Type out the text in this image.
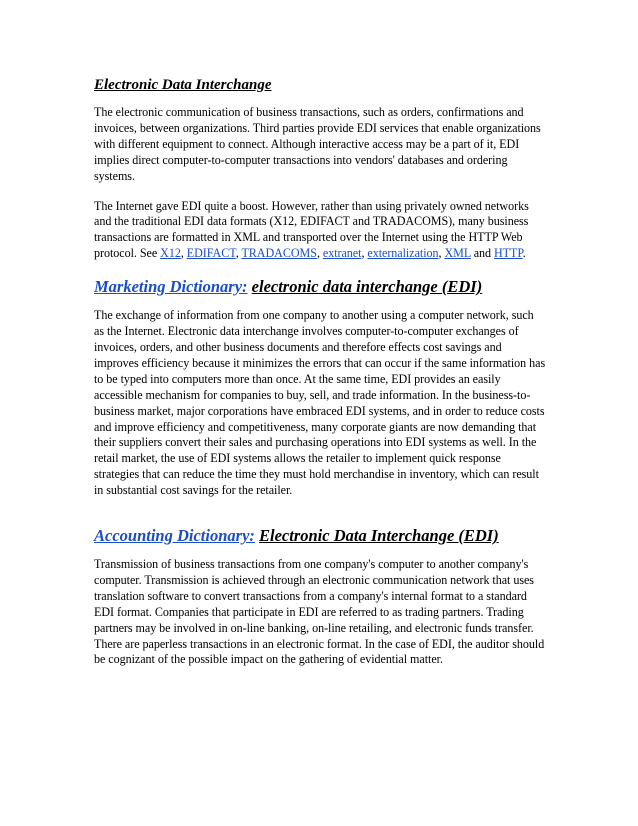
Electronic Data Interchange

The electronic communication of business transactions, such as orders, confirmations and invoices, between organizations. Third parties provide EDI services that enable organizations with different equipment to connect. Although interactive access may be a part of it, EDI implies direct computer-to-computer transactions into vendors' databases and ordering systems.

The Internet gave EDI quite a boost. However, rather than using privately owned networks and the traditional EDI data formats (X12, EDIFACT and TRADACOMS), many business transactions are formatted in XML and transported over the Internet using the HTTP Web protocol. See X12, EDIFACT, TRADACOMS, extranet, externalization, XML and HTTP.

Marketing Dictionary: electronic data interchange (EDI)

The exchange of information from one company to another using a computer network, such as the Internet. Electronic data interchange involves computer-to-computer exchanges of invoices, orders, and other business documents and therefore effects cost savings and improves efficiency because it minimizes the errors that can occur if the same information has to be typed into computers more than once. At the same time, EDI provides an easily accessible mechanism for companies to buy, sell, and trade information. In the business-to-business market, major corporations have embraced EDI systems, and in order to reduce costs and improve efficiency and competitiveness, many corporate giants are now demanding that their suppliers convert their sales and purchasing operations into EDI systems as well. In the retail market, the use of EDI systems allows the retailer to implement quick response strategies that can reduce the time they must hold merchandise in inventory, which can result in substantial cost savings for the retailer.

Accounting Dictionary: Electronic Data Interchange (EDI)

Transmission of business transactions from one company's computer to another company's computer. Transmission is achieved through an electronic communication network that uses translation software to convert transactions from a company's internal format to a standard EDI format. Companies that participate in EDI are referred to as trading partners. Trading partners may be involved in on-line banking, on-line retailing, and electronic funds transfer. There are paperless transactions in an electronic format. In the case of EDI, the auditor should be cognizant of the possible impact on the gathering of evidential matter.
